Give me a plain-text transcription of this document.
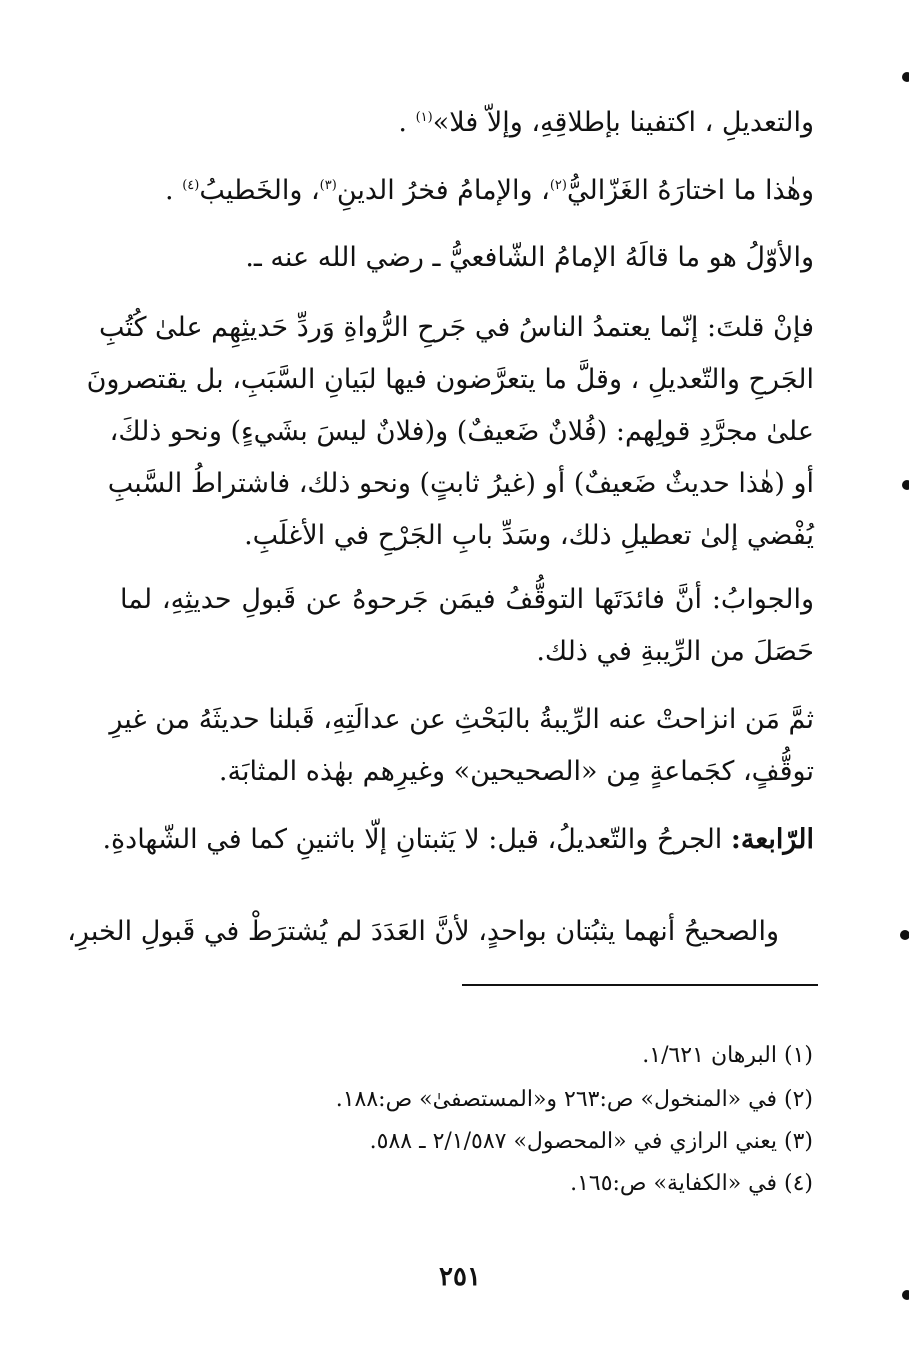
والتعديلِ ، اكتفينا بإطلاقِهِ، وإلاّ فلا»$^{(١)}$ .
وهٰذا ما اختارَهُ الغَزّاليُّ$^{(٢)}$، والإمامُ فخرُ الدينِ$^{(٣)}$، والخَطيبُ$^{(٤)}$ .
والأوّلُ هو ما قالَهُ الإمامُ الشّافعيُّ ـ رضي الله عنه ـ.
فإنْ قلتَ: إنّما يعتمدُ الناسُ في جَرحِ الرُّواةِ وَردِّ حَديثِهِم علىٰ كُتُبِ
الجَرحِ والتّعديلِ ، وقلَّ ما يتعرَّضون فيها لبَيانِ السَّبَبِ، بل يقتصرونَ
علىٰ مجرَّدِ قولِهم: (فُلانٌ ضَعيفٌ) و(فلانٌ ليسَ بشَيءٍ) ونحو ذلكَ،
أو (هٰذا حديثٌ ضَعيفٌ) أو (غيرُ ثابتٍ) ونحو ذلك، فاشتراطُ السَّببِ
يُفْضي إلىٰ تعطيلِ ذلك، وسَدِّ بابِ الجَرْحِ في الأغلَبِ.
والجوابُ: أنَّ فائدَتَها التوقُّفُ فيمَن جَرحوهُ عن قَبولِ حديثِهِ، لما
حَصَلَ من الرِّيبةِ في ذلك.
ثمَّ مَن انزاحتْ عنه الرِّيبةُ بالبَحْثِ عن عدالَتِهِ، قَبلنا حديثَهُ من غيرِ
توقُّفٍ، كجَماعةٍ مِن «الصحيحين» وغيرِهم بهٰذه المثابَة.
الرّابعة: الجرحُ والتّعديلُ، قيل: لا يَثبتانِ إلّا باثنينِ كما في الشّهادةِ.
والصحيحُ أنهما يثبُتان بواحدٍ، لأنَّ العَدَدَ لم يُشترَطْ في قَبولِ الخبرِ،
(١) البرهان ١/٦٢١.
(٢) في «المنخول» ص:٢٦٣ و«المستصفىٰ» ص:١٨٨.
(٣) يعني الرازي في «المحصول» ٢/١/٥٨٧ ـ ٥٨٨.
(٤) في «الكفاية» ص:١٦٥.
٢٥١
